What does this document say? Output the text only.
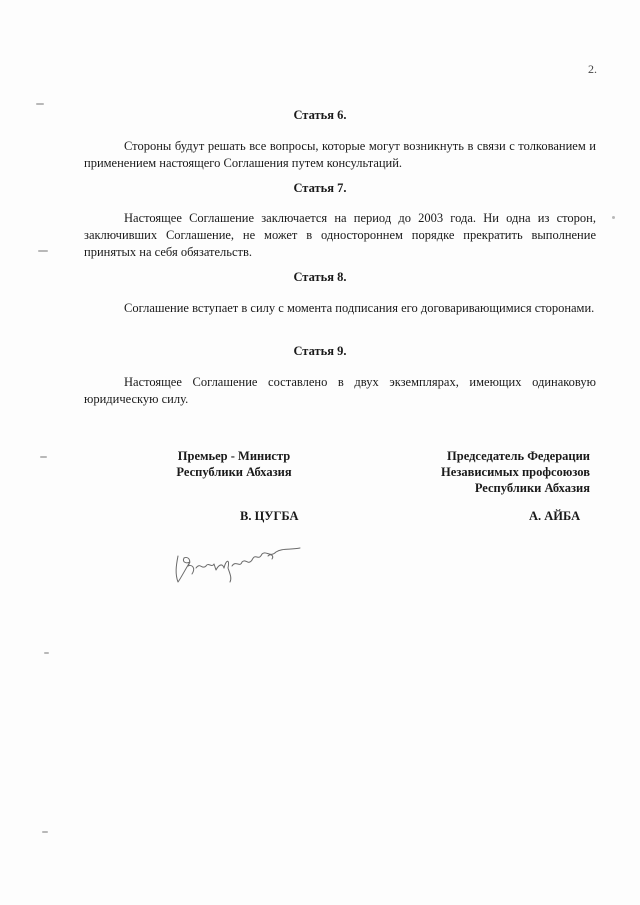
2.
Статья 6.
Стороны будут решать все вопросы, которые могут возникнуть в связи с толкованием и применением настоящего Соглашения путем консультаций.
Статья 7.
Настоящее Соглашение заключается на период до 2003 года. Ни одна из сторон, заключивших Соглашение, не может в одностороннем порядке прекратить выполнение принятых на себя обязательств.
Статья 8.
Соглашение вступает в силу с момента подписания его договаривающимися сторонами.
Статья 9.
Настоящее Соглашение составлено в двух экземплярах, имеющих одинаковую юридическую силу.
Премьер - Министр
Республики Абхазия
Председатель Федерации
Независимых профсоюзов
Республики Абхазия
В. ЦУГБА	А. АЙБА
